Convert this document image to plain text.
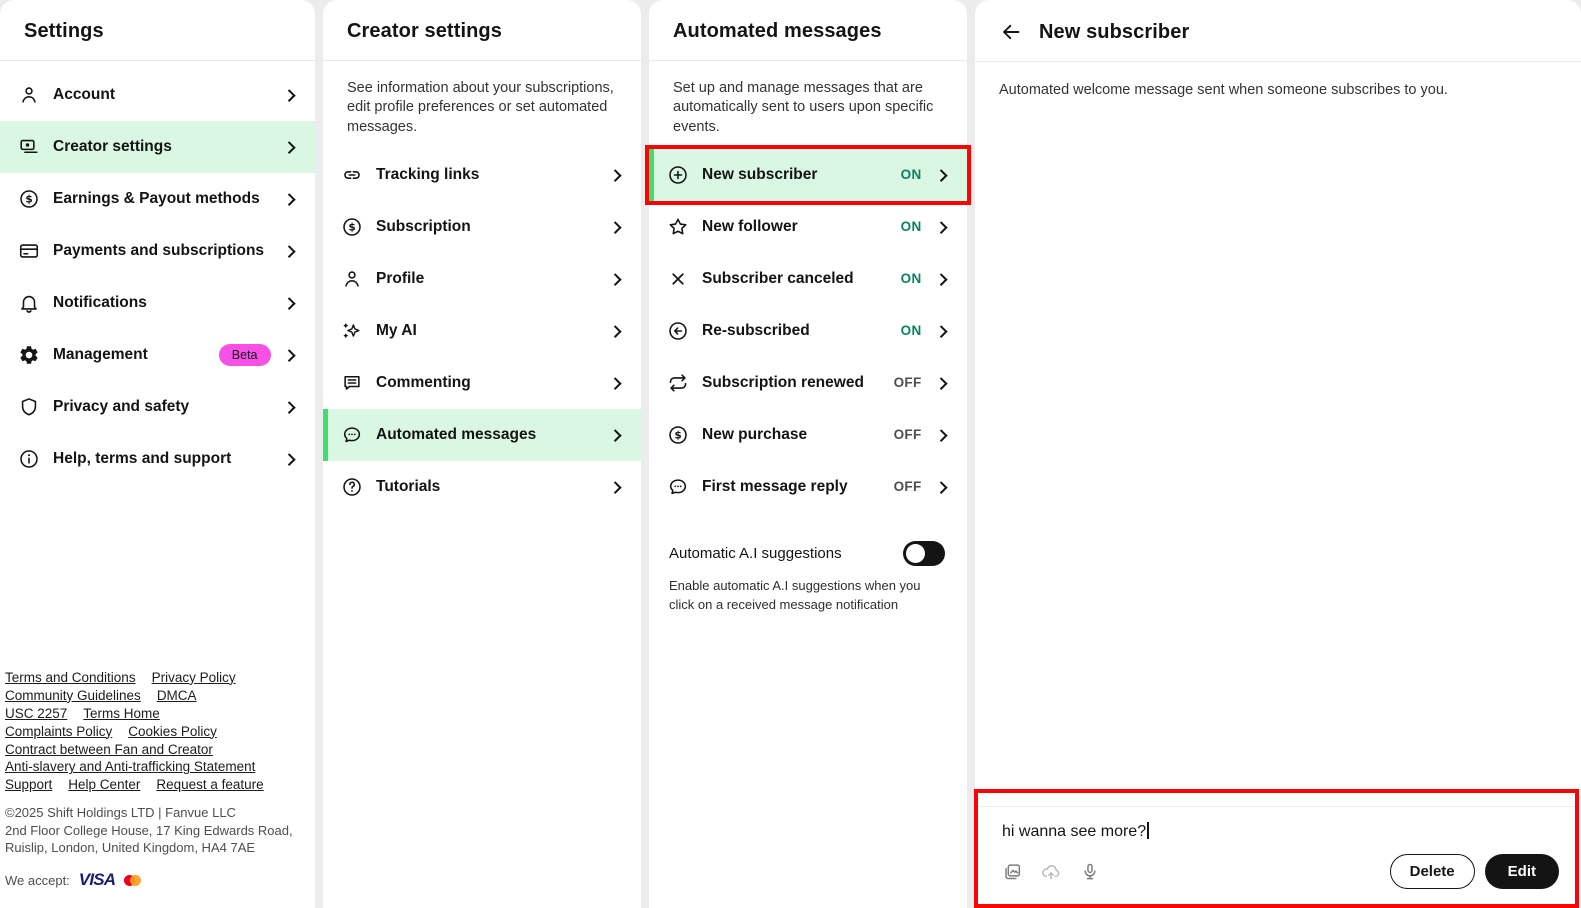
Settings
Account
Creator settings
Earnings & Payout methods
Payments and subscriptions
Notifications
Management	Beta
Privacy and safety
Help, terms and support
Terms and Conditions Privacy Policy
Community Guidelines DMCA
USC 2257 Terms Home
Complaints Policy Cookies Policy
Contract between Fan and Creator
Anti-slavery and Anti-trafficking Statement
Support Help Center Request a feature
©2025 Shift Holdings LTD | Fanvue LLC
2nd Floor College House, 17 King Edwards Road,
Ruislip, London, United Kingdom, HA4 7AE
We accept: VISA
Creator settings
See information about your subscriptions, edit profile preferences or set automated messages.
Tracking links
Subscription
Profile
My AI
Commenting
Automated messages
Tutorials
Automated messages
Set up and manage messages that are automatically sent to users upon specific events.
New subscriber	ON
New follower	ON
Subscriber canceled	ON
Re-subscribed	ON
Subscription renewed OFF
New purchase	OFF
First message reply	OFF
Automatic A.I suggestions
Enable automatic A.I suggestions when you click on a received message notification
New subscriber
Automated welcome message sent when someone subscribes to you.
hi wanna see more?
Delete	Edit
